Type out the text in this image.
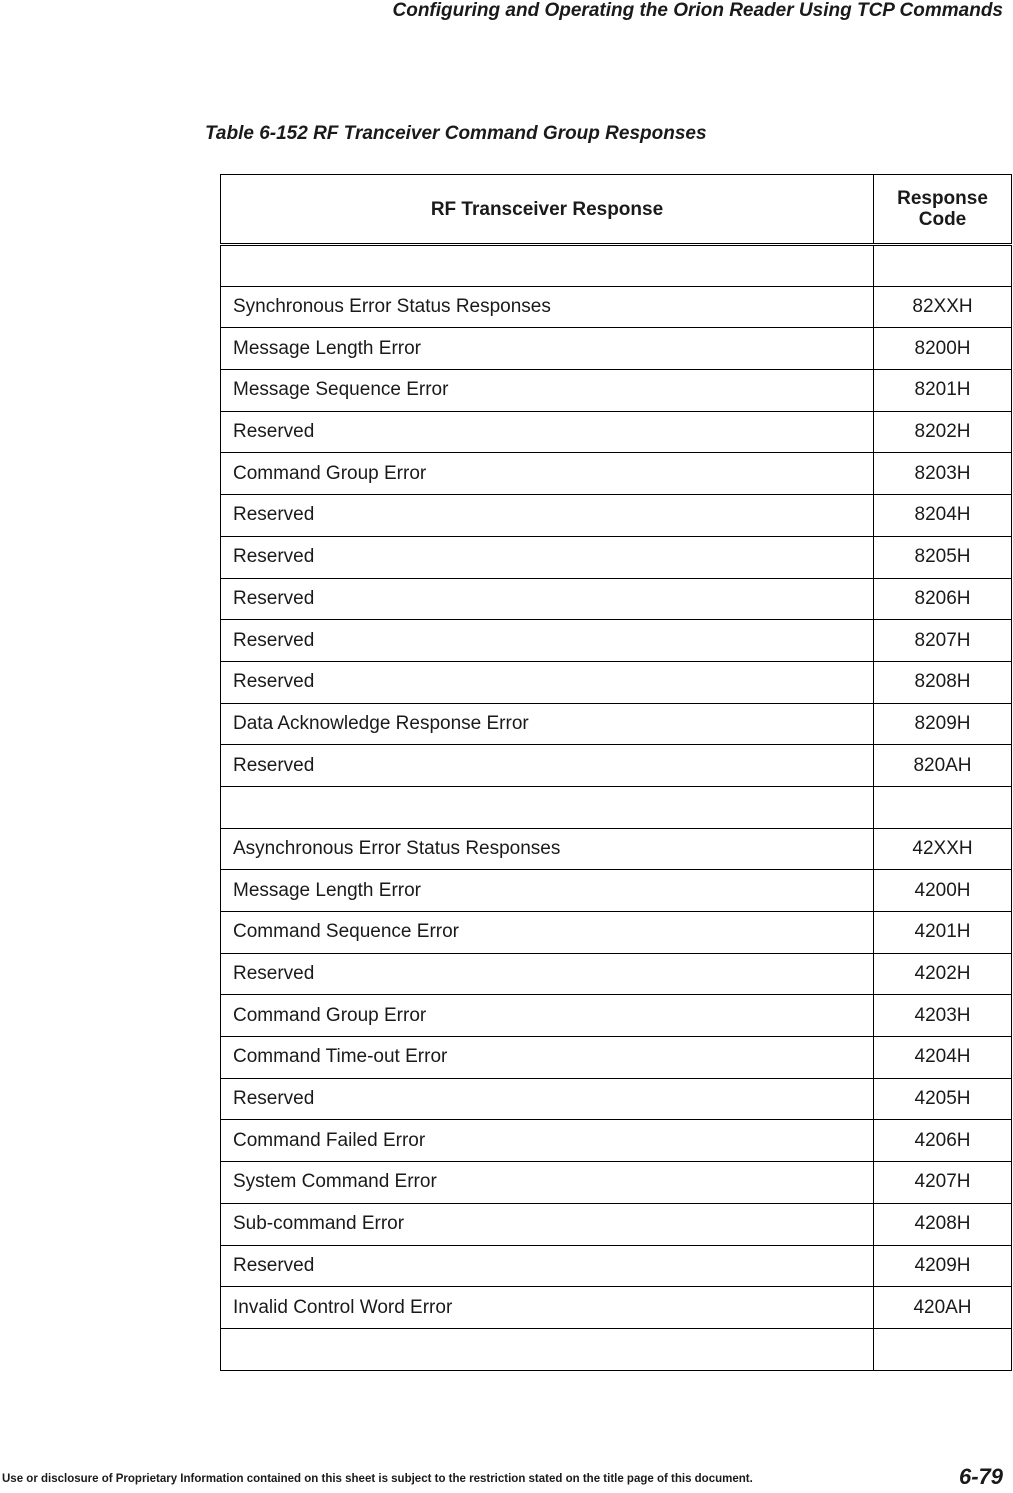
Configuring and Operating the Orion Reader Using TCP Commands
Table 6-152 RF Tranceiver Command Group Responses
RF Transceiver Response	Response Code

Synchronous Error Status Responses	82XXH
Message Length Error	8200H
Message Sequence Error	8201H
Reserved	8202H
Command Group Error	8203H
Reserved	8204H
Reserved	8205H
Reserved	8206H
Reserved	8207H
Reserved	8208H
Data Acknowledge Response Error	8209H
Reserved	820AH

Asynchronous Error Status Responses	42XXH
Message Length Error	4200H
Command Sequence Error	4201H
Reserved	4202H
Command Group Error	4203H
Command Time-out Error	4204H
Reserved	4205H
Command Failed Error	4206H
System Command Error	4207H
Sub-command Error	4208H
Reserved	4209H
Invalid Control Word Error	420AH

Use or disclosure of Proprietary Information contained on this sheet is subject to the restriction stated on the title page of this document.	6-79
